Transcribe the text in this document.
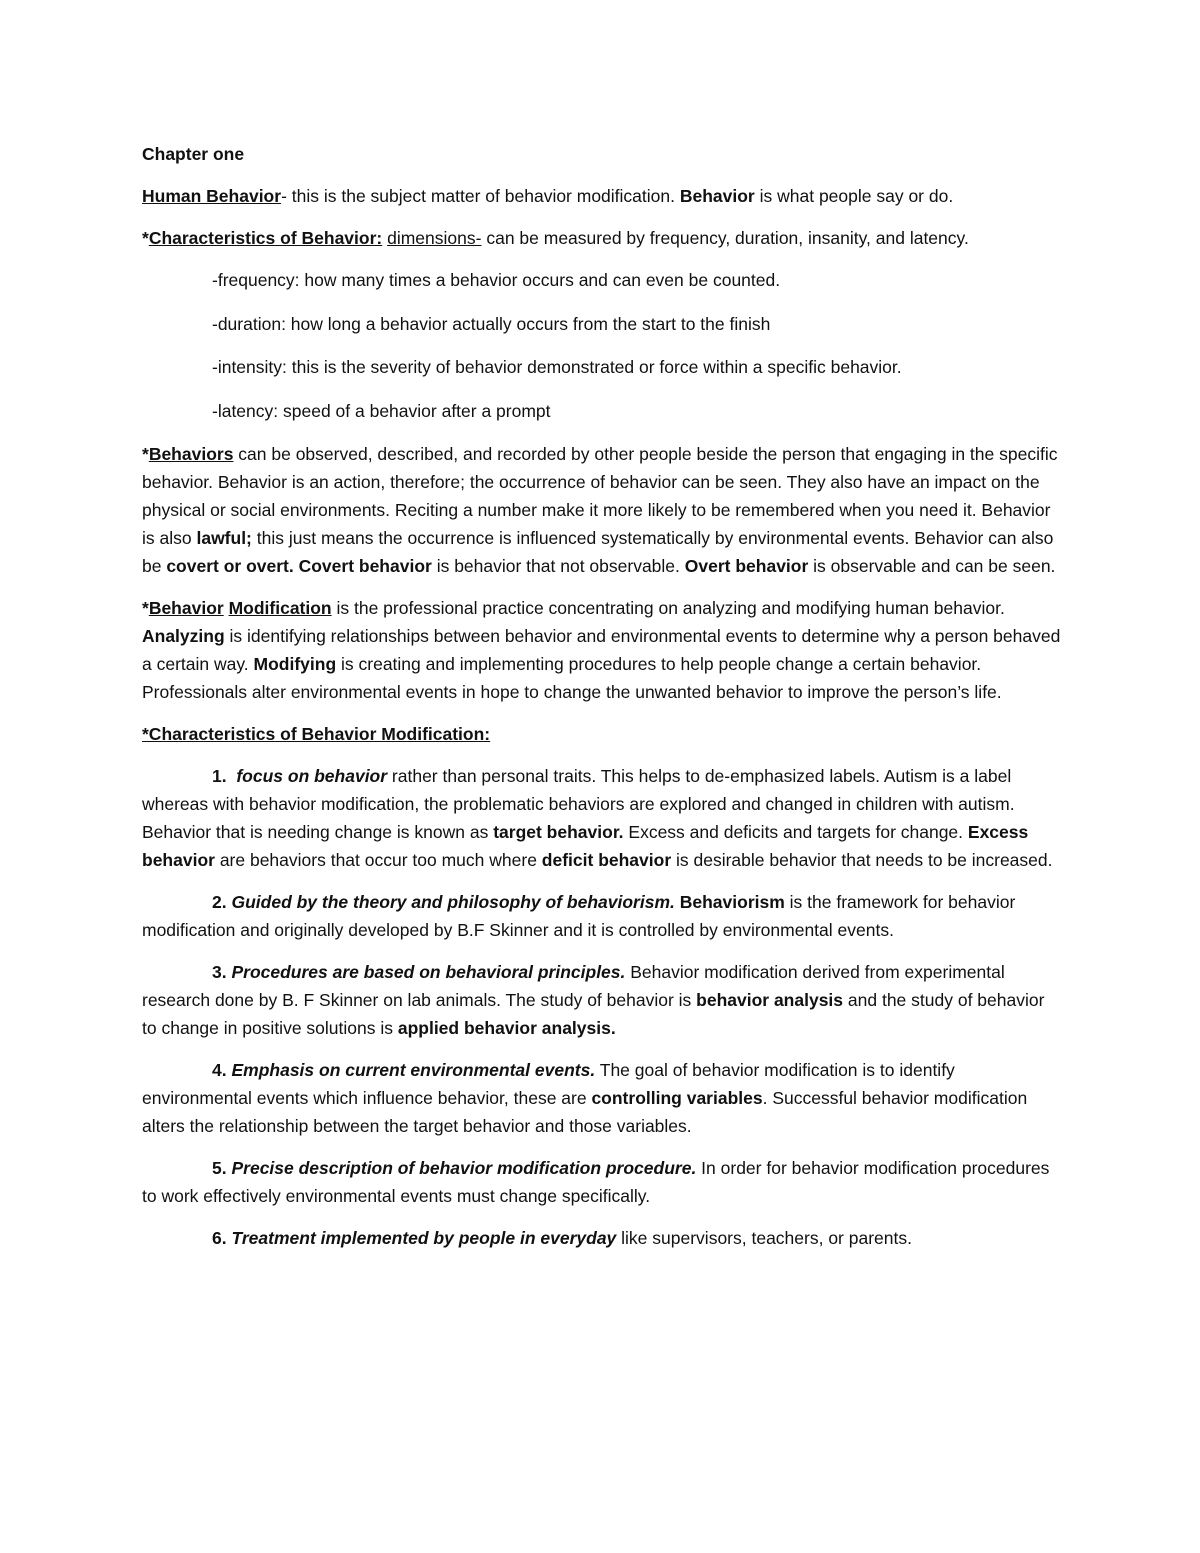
Chapter one

Human Behavior- this is the subject matter of behavior modification. Behavior is what people say or do.

*Characteristics of Behavior: dimensions- can be measured by frequency, duration, insanity, and latency.

-frequency: how many times a behavior occurs and can even be counted.

-duration: how long a behavior actually occurs from the start to the finish

-intensity: this is the severity of behavior demonstrated or force within a specific behavior.

-latency: speed of a behavior after a prompt

*Behaviors can be observed, described, and recorded by other people beside the person that engaging in the specific behavior. Behavior is an action, therefore; the occurrence of behavior can be seen. They also have an impact on the physical or social environments. Reciting a number make it more likely to be remembered when you need it. Behavior is also lawful; this just means the occurrence is influenced systematically by environmental events. Behavior can also be covert or overt. Covert behavior is behavior that not observable. Overt behavior is observable and can be seen.

*Behavior Modification is the professional practice concentrating on analyzing and modifying human behavior. Analyzing is identifying relationships between behavior and environmental events to determine why a person behaved a certain way. Modifying is creating and implementing procedures to help people change a certain behavior. Professionals alter environmental events in hope to change the unwanted behavior to improve the person’s life.

*Characteristics of Behavior Modification:

1. focus on behavior rather than personal traits. This helps to de-emphasized labels. Autism is a label whereas with behavior modification, the problematic behaviors are explored and changed in children with autism. Behavior that is needing change is known as target behavior. Excess and deficits and targets for change. Excess behavior are behaviors that occur too much where deficit behavior is desirable behavior that needs to be increased.

2. Guided by the theory and philosophy of behaviorism. Behaviorism is the framework for behavior modification and originally developed by B.F Skinner and it is controlled by environmental events.

3. Procedures are based on behavioral principles. Behavior modification derived from experimental research done by B. F Skinner on lab animals. The study of behavior is behavior analysis and the study of behavior to change in positive solutions is applied behavior analysis.

4. Emphasis on current environmental events. The goal of behavior modification is to identify environmental events which influence behavior, these are controlling variables. Successful behavior modification alters the relationship between the target behavior and those variables.

5. Precise description of behavior modification procedure. In order for behavior modification procedures to work effectively environmental events must change specifically.

6. Treatment implemented by people in everyday like supervisors, teachers, or parents.
